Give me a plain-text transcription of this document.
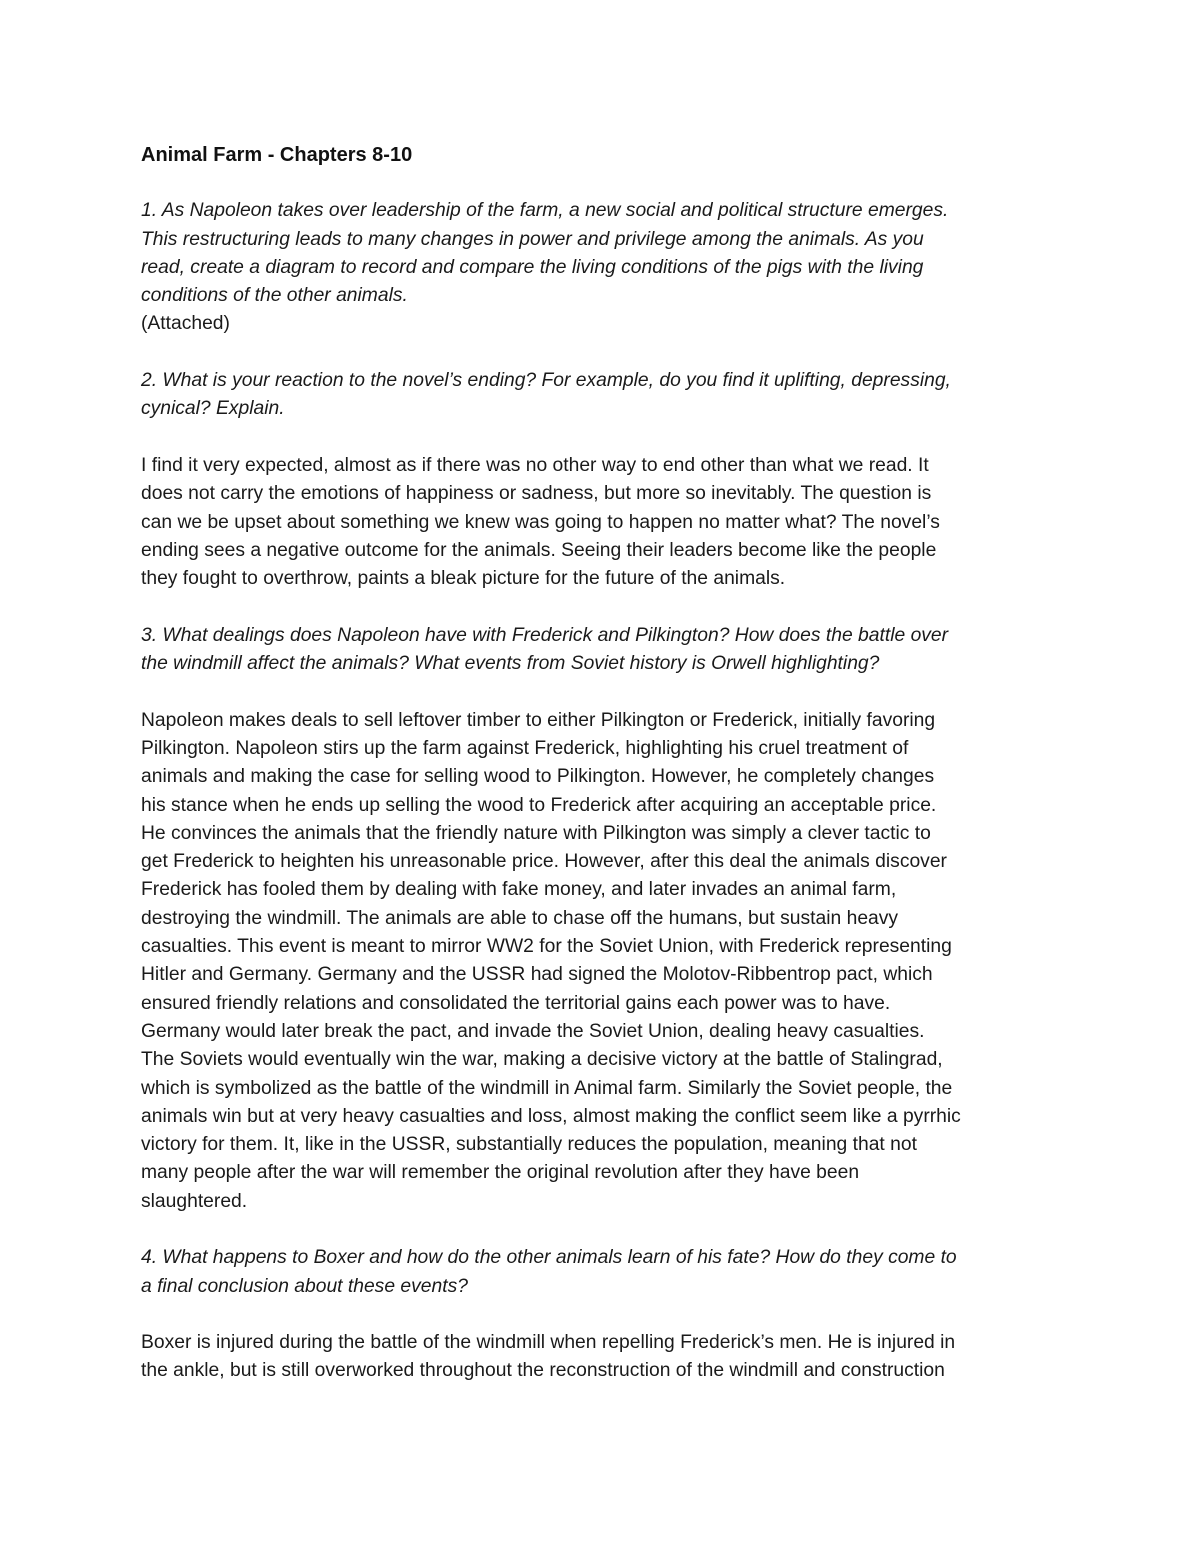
Animal Farm - Chapters 8-10
1. As Napoleon takes over leadership of the farm, a new social and political structure emerges.
This restructuring leads to many changes in power and privilege among the animals. As you
read, create a diagram to record and compare the living conditions of the pigs with the living
conditions of the other animals.
(Attached)
2. What is your reaction to the novel’s ending? For example, do you find it uplifting, depressing,
cynical? Explain.
I find it very expected, almost as if there was no other way to end other than what we read. It
does not carry the emotions of happiness or sadness, but more so inevitably. The question is
can we be upset about something we knew was going to happen no matter what? The novel’s
ending sees a negative outcome for the animals. Seeing their leaders become like the people
they fought to overthrow, paints a bleak picture for the future of the animals.
3. What dealings does Napoleon have with Frederick and Pilkington? How does the battle over
the windmill affect the animals? What events from Soviet history is Orwell highlighting?
Napoleon makes deals to sell leftover timber to either Pilkington or Frederick, initially favoring
Pilkington. Napoleon stirs up the farm against Frederick, highlighting his cruel treatment of
animals and making the case for selling wood to Pilkington. However, he completely changes
his stance when he ends up selling the wood to Frederick after acquiring an acceptable price.
He convinces the animals that the friendly nature with Pilkington was simply a clever tactic to
get Frederick to heighten his unreasonable price. However, after this deal the animals discover
Frederick has fooled them by dealing with fake money, and later invades an animal farm,
destroying the windmill. The animals are able to chase off the humans, but sustain heavy
casualties. This event is meant to mirror WW2 for the Soviet Union, with Frederick representing
Hitler and Germany. Germany and the USSR had signed the Molotov-Ribbentrop pact, which
ensured friendly relations and consolidated the territorial gains each power was to have.
Germany would later break the pact, and invade the Soviet Union, dealing heavy casualties.
The Soviets would eventually win the war, making a decisive victory at the battle of Stalingrad,
which is symbolized as the battle of the windmill in Animal farm. Similarly the Soviet people, the
animals win but at very heavy casualties and loss, almost making the conflict seem like a pyrrhic
victory for them. It, like in the USSR, substantially reduces the population, meaning that not
many people after the war will remember the original revolution after they have been
slaughtered.
4. What happens to Boxer and how do the other animals learn of his fate? How do they come to
a final conclusion about these events?
Boxer is injured during the battle of the windmill when repelling Frederick’s men. He is injured in
the ankle, but is still overworked throughout the reconstruction of the windmill and construction
